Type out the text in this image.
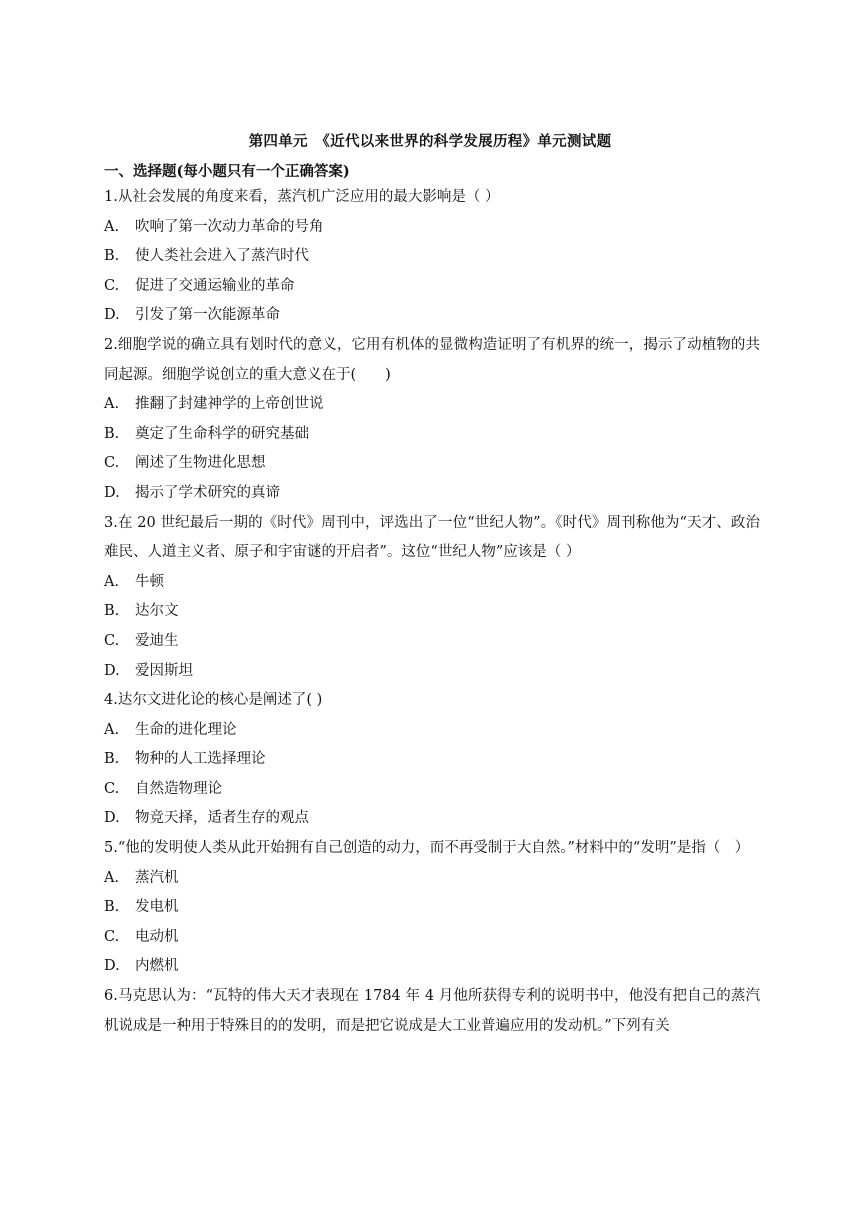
第四单元　《近代以来世界的科学发展历程》单元测试题
一、选择题(每小题只有一个正确答案)

1.从社会发展的角度来看，蒸汽机广泛应用的最大影响是（ ）

A. 吹响了第一次动力革命的号角

B. 使人类社会进入了蒸汽时代

C. 促进了交通运输业的革命

D. 引发了第一次能源革命

2.细胞学说的确立具有划时代的意义，它用有机体的显微构造证明了有机界的统一，揭示了动植物的共同起源。细胞学说创立的重大意义在于(　　)

A. 推翻了封建神学的上帝创世说

B. 奠定了生命科学的研究基础

C. 阐述了生物进化思想

D. 揭示了学术研究的真谛

3.在 20 世纪最后一期的《时代》周刊中，评选出了一位“世纪人物”。《时代》周刊称他为“天才、政治难民、人道主义者、原子和宇宙谜的开启者”。这位“世纪人物”应该是（ ）

A. 牛顿

B. 达尔文

C. 爱迪生

D. 爱因斯坦

4.达尔文进化论的核心是阐述了( )

A. 生命的进化理论

B. 物种的人工选择理论

C. 自然造物理论

D. 物竞天择，适者生存的观点

5.“他的发明使人类从此开始拥有自己创造的动力，而不再受制于大自然。”材料中的“发明”是指（　）

A. 蒸汽机

B. 发电机

C. 电动机

D. 内燃机

6.马克思认为：“瓦特的伟大天才表现在 1784 年 4 月他所获得专利的说明书中，他没有把自己的蒸汽机说成是一种用于特殊目的的发明，而是把它说成是大工业普遍应用的发动机。”下列有关
